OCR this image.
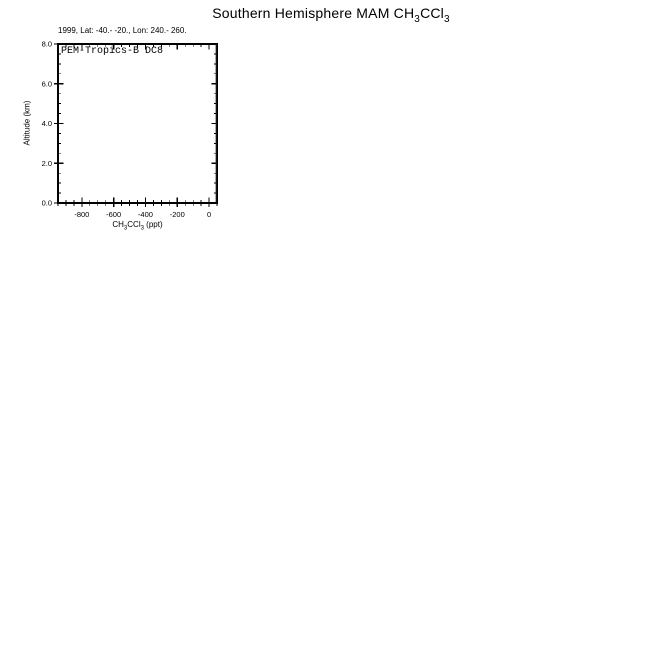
Southern Hemisphere MAM $CH_3CCl_3$
1999, Lat: -40.- -20., Lon: 240.- 260.
Altitude (km)
$CH_3CCl_3$ (ppt)
PEM-Tropics-B DC8
-800 -600 -400 -200	0
0.0
2.0
4.0
6.0
8.0
